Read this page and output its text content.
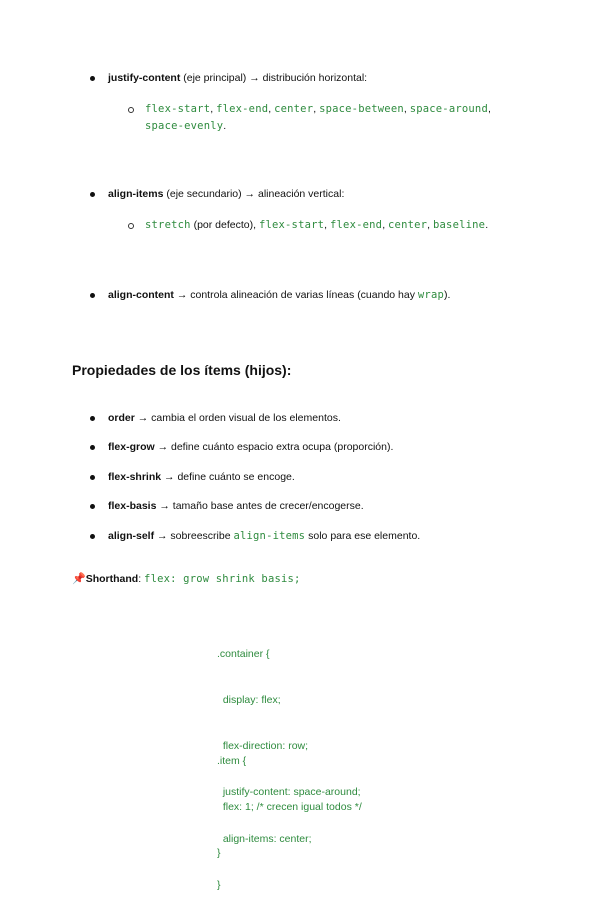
justify-content (eje principal) → distribución horizontal:
flex-start, flex-end, center, space-between, space-around,
space-evenly.
align-items (eje secundario) → alineación vertical:
stretch (por defecto), flex-start, flex-end, center, baseline.
align-content → controla alineación de varias líneas (cuando hay wrap).
Propiedades de los ítems (hijos):
order → cambia el orden visual de los elementos.
flex-grow → define cuánto espacio extra ocupa (proporción).
flex-shrink → define cuánto se encoge.
flex-basis → tamaño base antes de crecer/encogerse.
align-self → sobreescribe align-items solo para ese elemento.
📌Shorthand: flex: grow shrink basis;

.container {

display: flex;

flex-direction: row;

justify-content: space-around;

align-items: center;

}

.item {

flex: 1; /* crecen igual todos */

}
